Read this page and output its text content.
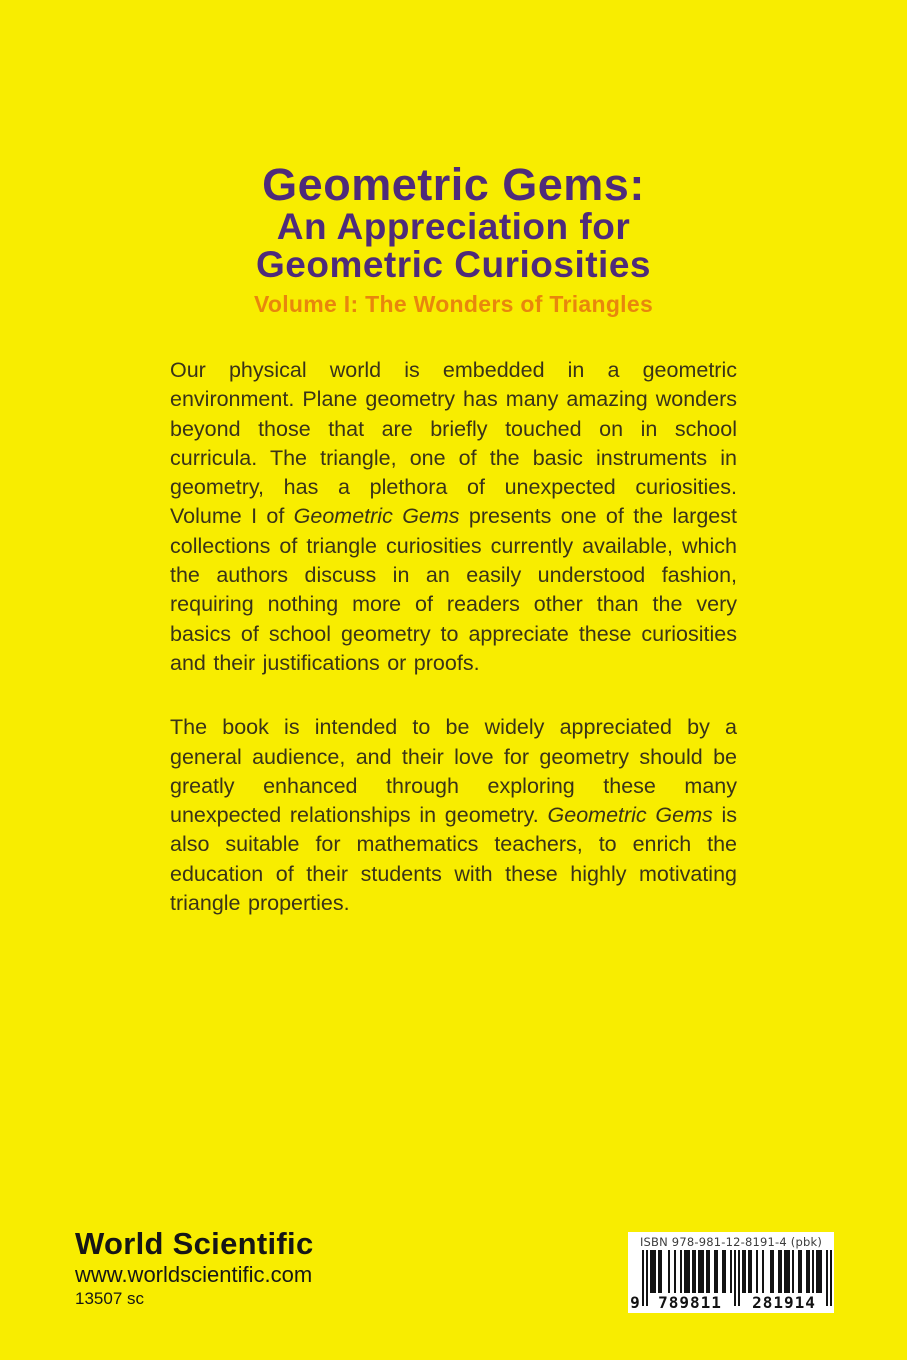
Geometric Gems:
An Appreciation for
Geometric Curiosities
Volume I: The Wonders of Triangles

Our physical world is embedded in a geometric environment. Plane geometry has many amazing wonders beyond those that are briefly touched on in school curricula. The triangle, one of the basic instruments in geometry, has a plethora of unexpected curiosities. Volume I of Geometric Gems presents one of the largest collections of triangle curiosities currently available, which the authors discuss in an easily understood fashion, requiring nothing more of readers other than the very basics of school geometry to appreciate these curiosities and their justifications or proofs.

The book is intended to be widely appreciated by a general audience, and their love for geometry should be greatly enhanced through exploring these many unexpected relationships in geometry. Geometric Gems is also suitable for mathematics teachers, to enrich the education of their students with these highly motivating triangle properties.

World Scientific
www.worldscientific.com
13507 sc
ISBN 978-981-12-8191-4 (pbk)
9	789811	281914
